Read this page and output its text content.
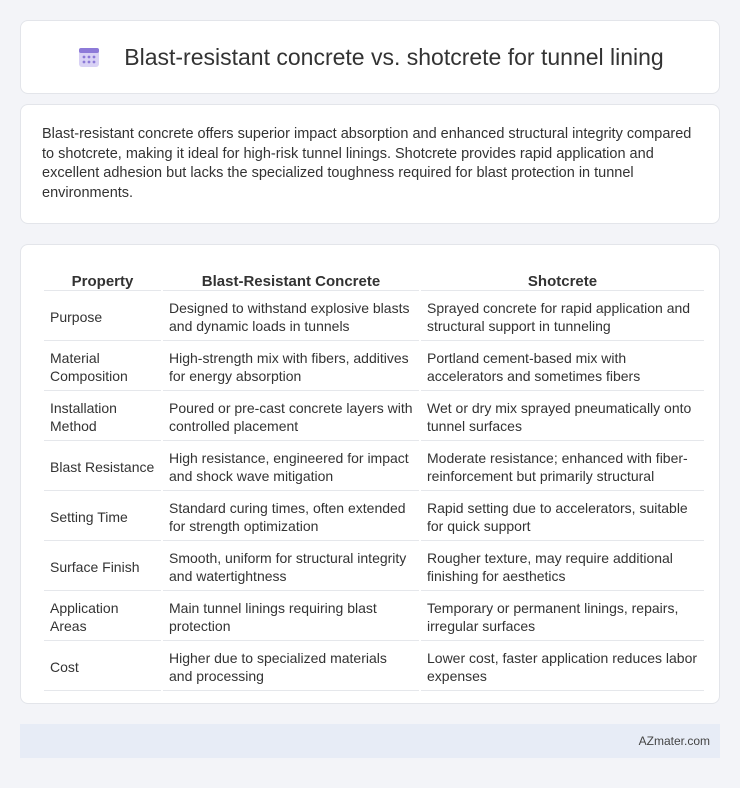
Blast-resistant concrete vs. shotcrete for tunnel lining

Blast-resistant concrete offers superior impact absorption and enhanced structural integrity compared to shotcrete, making it ideal for high-risk tunnel linings. Shotcrete provides rapid application and excellent adhesion but lacks the specialized toughness required for blast protection in tunnel environments.

Property	Blast-Resistant Concrete	Shotcrete
Purpose	Designed to withstand explosive blasts and dynamic loads in tunnels	Sprayed concrete for rapid application and structural support in tunneling
Material Composition	High-strength mix with fibers, additives for energy absorption	Portland cement-based mix with accelerators and sometimes fibers
Installation Method	Poured or pre-cast concrete layers with controlled placement	Wet or dry mix sprayed pneumatically onto tunnel surfaces
Blast Resistance	High resistance, engineered for impact and shock wave mitigation	Moderate resistance; enhanced with fiber-reinforcement but primarily structural
Setting Time	Standard curing times, often extended for strength optimization	Rapid setting due to accelerators, suitable for quick support
Surface Finish	Smooth, uniform for structural integrity and watertightness	Rougher texture, may require additional finishing for aesthetics
Application Areas	Main tunnel linings requiring blast protection	Temporary or permanent linings, repairs, irregular surfaces
Cost	Higher due to specialized materials and processing	Lower cost, faster application reduces labor expenses
AZmater.com
